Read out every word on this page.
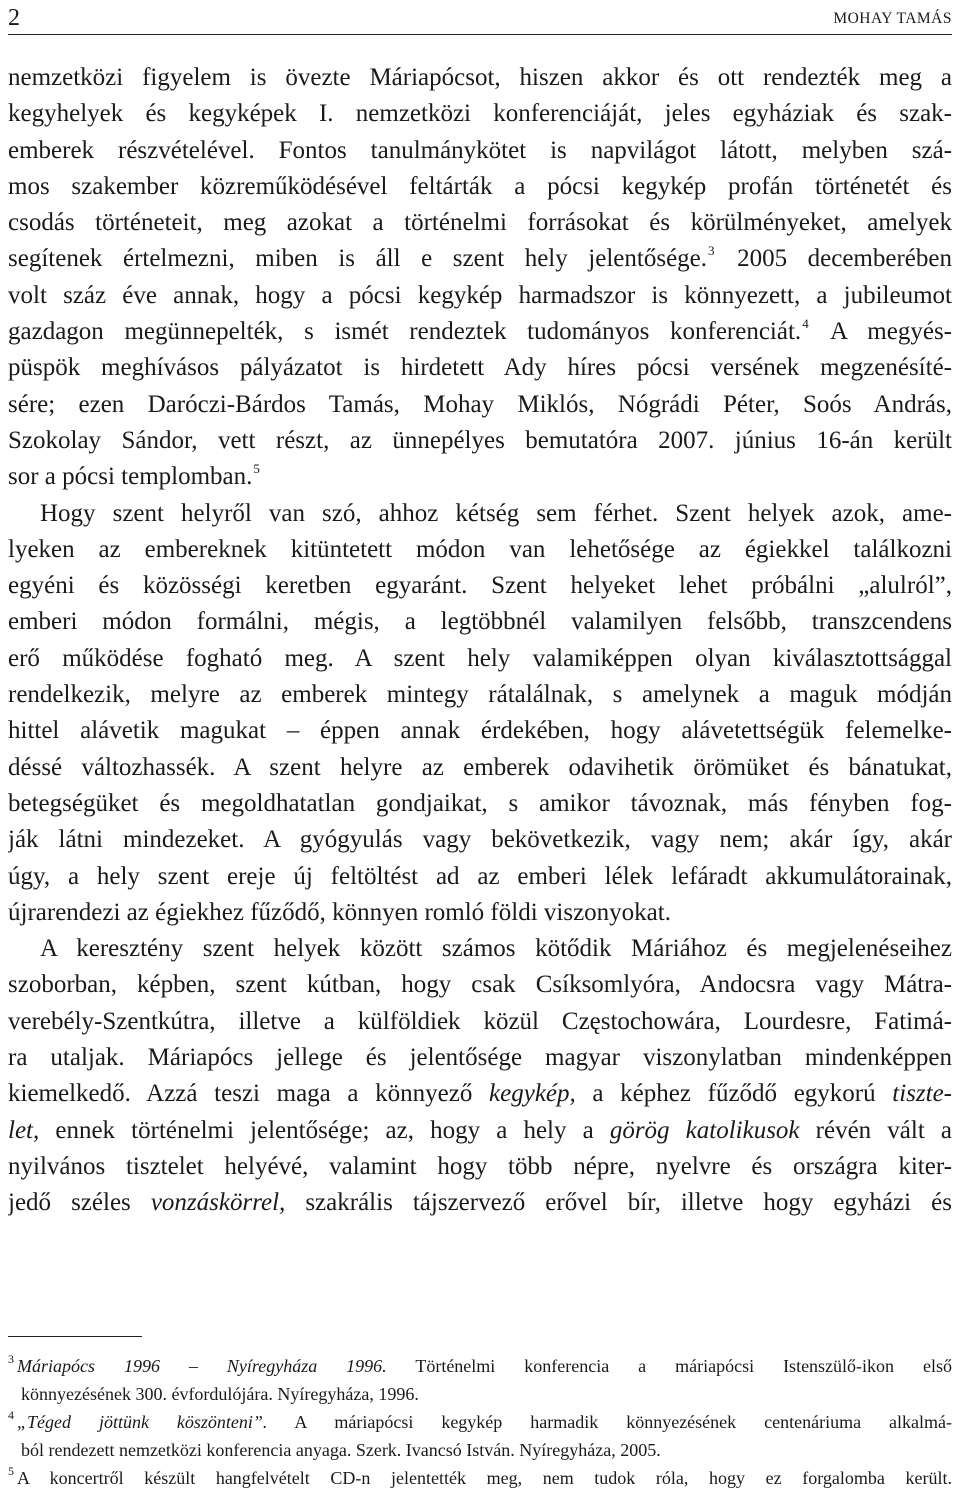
2	MOHAY TAMÁS
nemzetközi figyelem is övezte Máriapócsot, hiszen akkor és ott rendezték meg a
kegyhelyek és kegyképek I. nemzetközi konferenciáját, jeles egyháziak és szak-
emberek részvételével. Fontos tanulmánykötet is napvilágot látott, melyben szá-
mos szakember közreműködésével feltárták a pócsi kegykép profán történetét és
csodás történeteit, meg azokat a történelmi forrásokat és körülményeket, amelyek
segítenek értelmezni, miben is áll e szent hely jelentősége.$^3$ 2005 decemberében
volt száz éve annak, hogy a pócsi kegykép harmadszor is könnyezett, a jubileumot
gazdagon megünnepelték, s ismét rendeztek tudományos konferenciát.$^4$ A megyés-
püspök meghívásos pályázatot is hirdetett Ady híres pócsi versének megzenésíté-
sére; ezen Daróczi-Bárdos Tamás, Mohay Miklós, Nógrádi Péter, Soós András,
Szokolay Sándor, vett részt, az ünnepélyes bemutatóra 2007. június 16-án került
sor a pócsi templomban.$^5$
Hogy szent helyről van szó, ahhoz kétség sem férhet. Szent helyek azok, ame-
lyeken az embereknek kitüntetett módon van lehetősége az égiekkel találkozni
egyéni és közösségi keretben egyaránt. Szent helyeket lehet próbálni „alulról”,
emberi módon formálni, mégis, a legtöbbnél valamilyen felsőbb, transzcendens
erő működése fogható meg. A szent hely valamiképpen olyan kiválasztottsággal
rendelkezik, melyre az emberek mintegy rátalálnak, s amelynek a maguk módján
hittel alávetik magukat – éppen annak érdekében, hogy alávetettségük felemelke-
déssé változhassék. A szent helyre az emberek odavihetik örömüket és bánatukat,
betegségüket és megoldhatatlan gondjaikat, s amikor távoznak, más fényben fog-
ják látni mindezeket. A gyógyulás vagy bekövetkezik, vagy nem; akár így, akár
úgy, a hely szent ereje új feltöltést ad az emberi lélek lefáradt akkumulátorainak,
újrarendezi az égiekhez fűződő, könnyen romló földi viszonyokat.
A keresztény szent helyek között számos kötődik Máriához és megjelenéseihez
szoborban, képben, szent kútban, hogy csak Csíksomlyóra, Andocsra vagy Mátra-
verebély-Szentkútra, illetve a külföldiek közül Częstochowára, Lourdesre, Fatimá-
ra utaljak. Máriapócs jellege és jelentősége magyar viszonylatban mindenképpen
kiemelkedő. Azzá teszi maga a könnyező kegykép, a képhez fűződő egykorú tiszte-
let, ennek történelmi jelentősége; az, hogy a hely a görög katolikusok révén vált a
nyilvános tisztelet helyévé, valamint hogy több népre, nyelvre és országra kiter-
jedő széles vonzáskörrel, szakrális tájszervező erővel bír, illetve hogy egyházi és
$^3$ Máriapócs 1996 – Nyíregyháza 1996. Történelmi konferencia a máriapócsi Istenszülő-ikon első
könnyezésének 300. évfordulójára. Nyíregyháza, 1996.
$^4$ „Téged jöttünk köszönteni”. A máriapócsi kegykép harmadik könnyezésének centenáriuma alkalmá-
ból rendezett nemzetközi konferencia anyaga. Szerk. Ivancsó István. Nyíregyháza, 2005.
$^5$ A koncertről készült hangfelvételt CD-n jelentették meg, nem tudok róla, hogy ez forgalomba került.
